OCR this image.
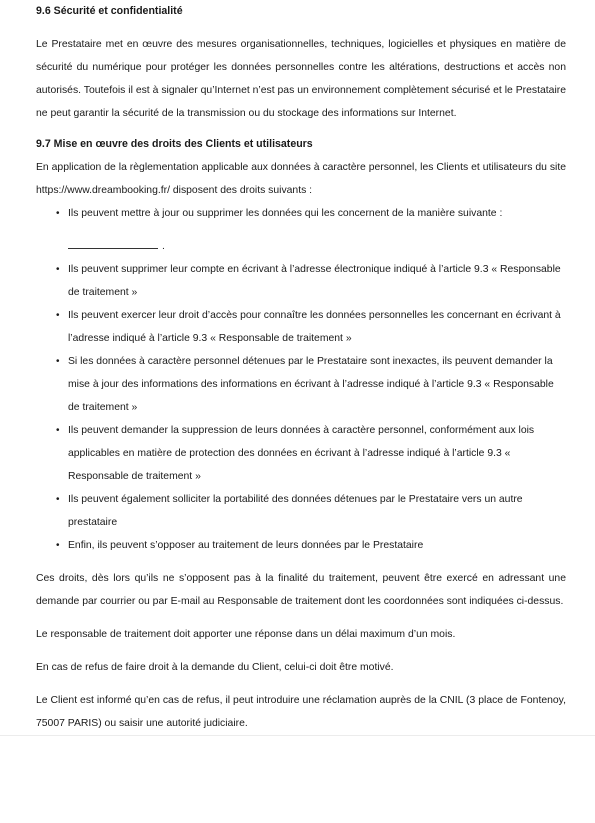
9.6 Sécurité et confidentialité

Le Prestataire met en œuvre des mesures organisationnelles, techniques, logicielles et physiques en matière de sécurité du numérique pour protéger les données personnelles contre les altérations, destructions et accès non autorisés. Toutefois il est à signaler qu’Internet n’est pas un environnement complètement sécurisé et le Prestataire ne peut garantir la sécurité de la transmission ou du stockage des informations sur Internet.

9.7 Mise en œuvre des droits des Clients et utilisateurs

En application de la règlementation applicable aux données à caractère personnel, les Clients et utilisateurs du site https://www.dreambooking.fr/ disposent des droits suivants :

• Ils peuvent mettre à jour ou supprimer les données qui les concernent de la manière suivante :
.
• Ils peuvent supprimer leur compte en écrivant à l’adresse électronique indiqué à l’article 9.3 « Responsable de traitement »
• Ils peuvent exercer leur droit d’accès pour connaître les données personnelles les concernant en écrivant à l’adresse indiqué à l’article 9.3 « Responsable de traitement »
• Si les données à caractère personnel détenues par le Prestataire sont inexactes, ils peuvent demander la mise à jour des informations des informations en écrivant à l’adresse indiqué à l’article 9.3 « Responsable de traitement »
• Ils peuvent demander la suppression de leurs données à caractère personnel, conformément aux lois applicables en matière de protection des données en écrivant à l’adresse indiqué à l’article 9.3 « Responsable de traitement »
• Ils peuvent également solliciter la portabilité des données détenues par le Prestataire vers un autre prestataire
• Enfin, ils peuvent s’opposer au traitement de leurs données par le Prestataire

Ces droits, dès lors qu’ils ne s’opposent pas à la finalité du traitement, peuvent être exercé en adressant une demande par courrier ou par E-mail au Responsable de traitement dont les coordonnées sont indiquées ci-dessus.

Le responsable de traitement doit apporter une réponse dans un délai maximum d’un mois.

En cas de refus de faire droit à la demande du Client, celui-ci doit être motivé.

Le Client est informé qu’en cas de refus, il peut introduire une réclamation auprès de la CNIL (3 place de Fontenoy, 75007 PARIS) ou saisir une autorité judiciaire.
